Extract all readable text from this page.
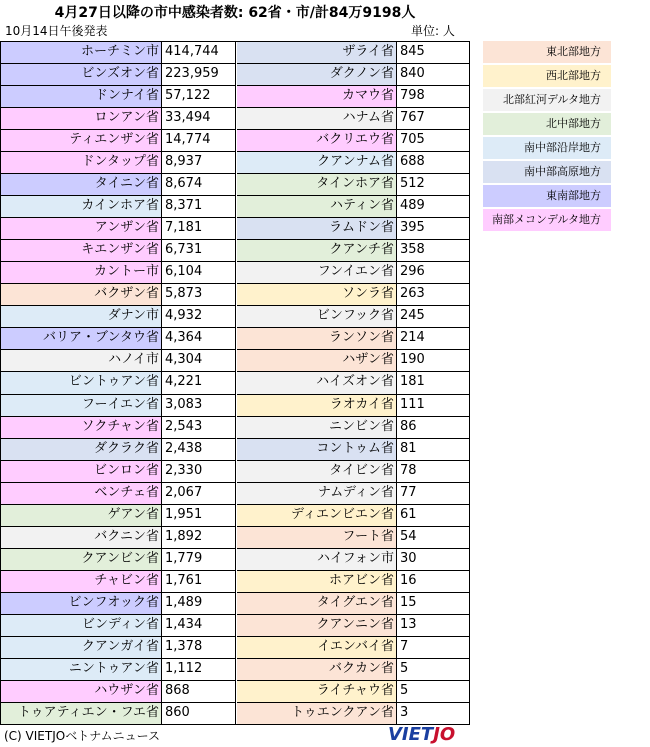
4月27日以降の市中感染者数: 62省・市/計84万9198人
10月14日午後発表	単位: 人
ホーチミン市 414,744
ビンズオン省 223,959
ドンナイ省 57,122
ロンアン省 33,494
ティエンザン省 14,774
ドンタップ省 8,937
タイニン省 8,674
カインホア省 8,371
アンザン省 7,181
キエンザン省 6,731
カントー市 6,104
バクザン省 5,873
ダナン市 4,932
バリア・ブンタウ省 4,364
ハノイ市 4,304
ビントゥアン省 4,221
フーイエン省 3,083
ソクチャン省 2,543
ダクラク省 2,438
ビンロン省 2,330
ベンチェ省 2,067
ゲアン省 1,951
バクニン省 1,892
クアンビン省 1,779
チャビン省 1,761
ビンフオック省 1,489
ビンディン省 1,434
クアンガイ省 1,378
ニントゥアン省 1,112
ハウザン省 868
トゥアティエン・フエ省 860
ザライ省 845
ダクノン省 840
カマウ省 798
ハナム省 767
バクリエウ省 705
クアンナム省 688
タインホア省 512
ハティン省 489
ラムドン省 395
クアンチ省 358
フンイエン省 296
ソンラ省 263
ビンフック省 245
ランソン省 214
ハザン省 190
ハイズオン省 181
ラオカイ省 111
ニンビン省 86
コントゥム省 81
タイビン省 78
ナムディン省 77
ディエンビエン省 61
フート省 54
ハイフォン市 30
ホアビン省 16
タイグエン省 15
クアンニン省 13
イエンバイ省 7
バクカン省 5
ライチャウ省 5
トゥエンクアン省 3
東北部地方
西北部地方
北部紅河デルタ地方
北中部地方
南中部沿岸地方
南中部高原地方
東南部地方
南部メコンデルタ地方
(C) VIETJOベトナムニュース	VIETJO
